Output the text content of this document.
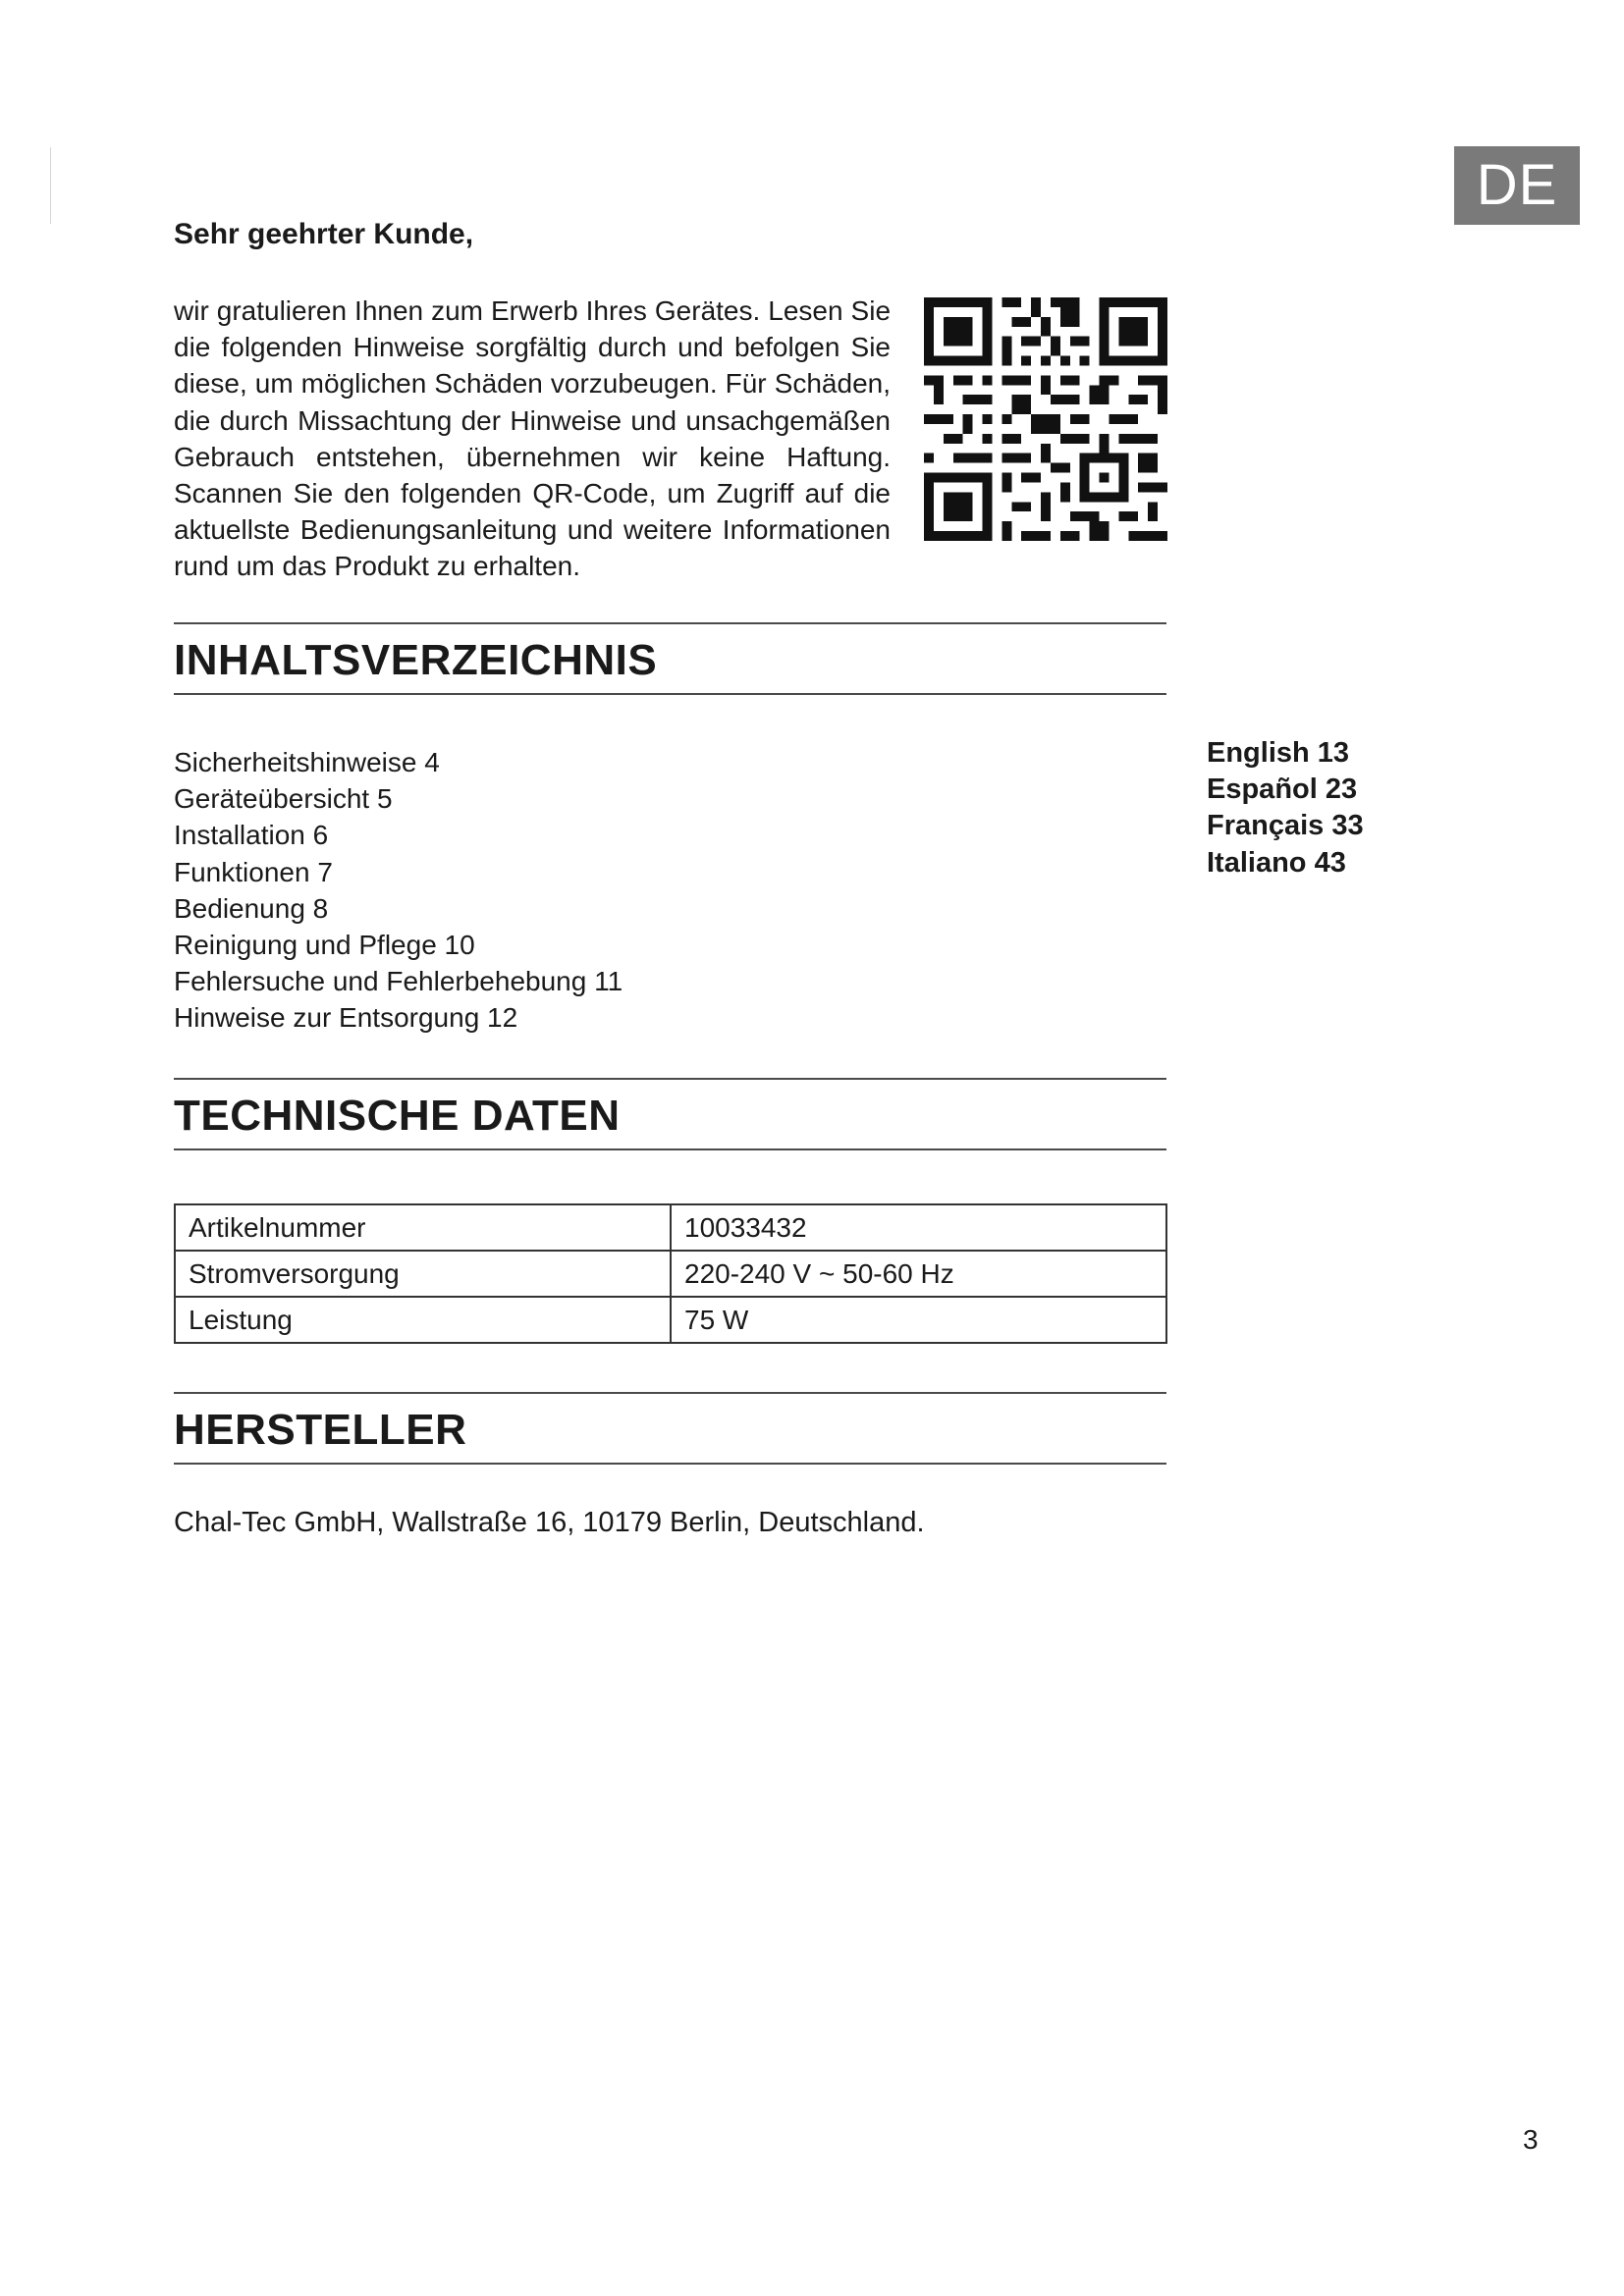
DE
Sehr geehrter Kunde,

wir gratulieren Ihnen zum Erwerb Ihres Gerätes. Lesen Sie die folgenden Hinweise sorgfältig durch und befolgen Sie diese, um möglichen Schäden vorzubeugen. Für Schäden, die durch Missachtung der Hinweise und unsachgemäßen Gebrauch entstehen, übernehmen wir keine Haftung. Scannen Sie den folgenden QR-Code, um Zugriff auf die aktuellste Bedienungsanleitung und weitere Informationen rund um das Produkt zu erhalten.

INHALTSVERZEICHNIS
Sicherheitshinweise 4
Geräteübersicht 5
Installation 6
Funktionen 7
Bedienung 8
Reinigung und Pflege 10
Fehlersuche und Fehlerbehebung 11
Hinweise zur Entsorgung 12
English 13
Español 23
Français 33
Italiano 43
TECHNISCHE DATEN
Artikelnummer	10033432
Stromversorgung	220-240 V ~ 50-60 Hz
Leistung	75 W
HERSTELLER

Chal-Tec GmbH, Wallstraße 16, 10179 Berlin, Deutschland.

3
